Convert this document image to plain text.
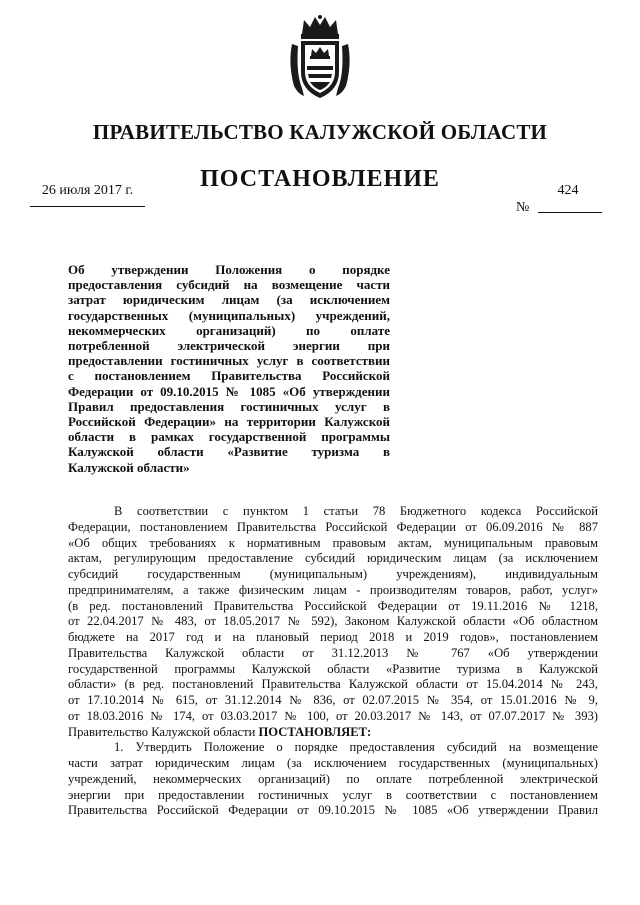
ПРАВИТЕЛЬСТВО КАЛУЖСКОЙ ОБЛАСТИ
ПОСТАНОВЛЕНИЕ
26 июля 2017 г.	424
№
Об утверждении Положения о порядке
предоставления субсидий на возмещение части
затрат юридическим лицам (за исключением
государственных (муниципальных) учреждений,
некоммерческих организаций) по оплате
потребленной электрической энергии при
предоставлении гостиничных услуг в соответствии
с постановлением Правительства Российской
Федерации от 09.10.2015 № 1085 «Об утверждении
Правил предоставления гостиничных услуг в
Российской Федерации» на территории Калужской
области в рамках государственной программы
Калужской области «Развитие туризма в
Калужской области»
В соответствии с пунктом 1 статьи 78 Бюджетного кодекса Российской
Федерации, постановлением Правительства Российской Федерации от 06.09.2016 № 887
«Об общих требованиях к нормативным правовым актам, муниципальным правовым
актам, регулирующим предоставление субсидий юридическим лицам (за исключением
субсидий государственным (муниципальным) учреждениям), индивидуальным
предпринимателям, а также физическим лицам - производителям товаров, работ, услуг»
(в ред. постановлений Правительства Российской Федерации от 19.11.2016 № 1218,
от 22.04.2017 № 483, от 18.05.2017 № 592), Законом Калужской области «Об областном
бюджете на 2017 год и на плановый период 2018 и 2019 годов», постановлением
Правительства Калужской области от 31.12.2013 № 767 «Об утверждении
государственной программы Калужской области «Развитие туризма в Калужской
области» (в ред. постановлений Правительства Калужской области от 15.04.2014 № 243,
от 17.10.2014 № 615, от 31.12.2014 № 836, от 02.07.2015 № 354, от 15.01.2016 № 9,
от 18.03.2016 № 174, от 03.03.2017 № 100, от 20.03.2017 № 143, от 07.07.2017 № 393)
Правительство Калужской области ПОСТАНОВЛЯЕТ:
1. Утвердить Положение о порядке предоставления субсидий на возмещение
части затрат юридическим лицам (за исключением государственных (муниципальных)
учреждений, некоммерческих организаций) по оплате потребленной электрической
энергии при предоставлении гостиничных услуг в соответствии с постановлением
Правительства Российской Федерации от 09.10.2015 № 1085 «Об утверждении Правил
